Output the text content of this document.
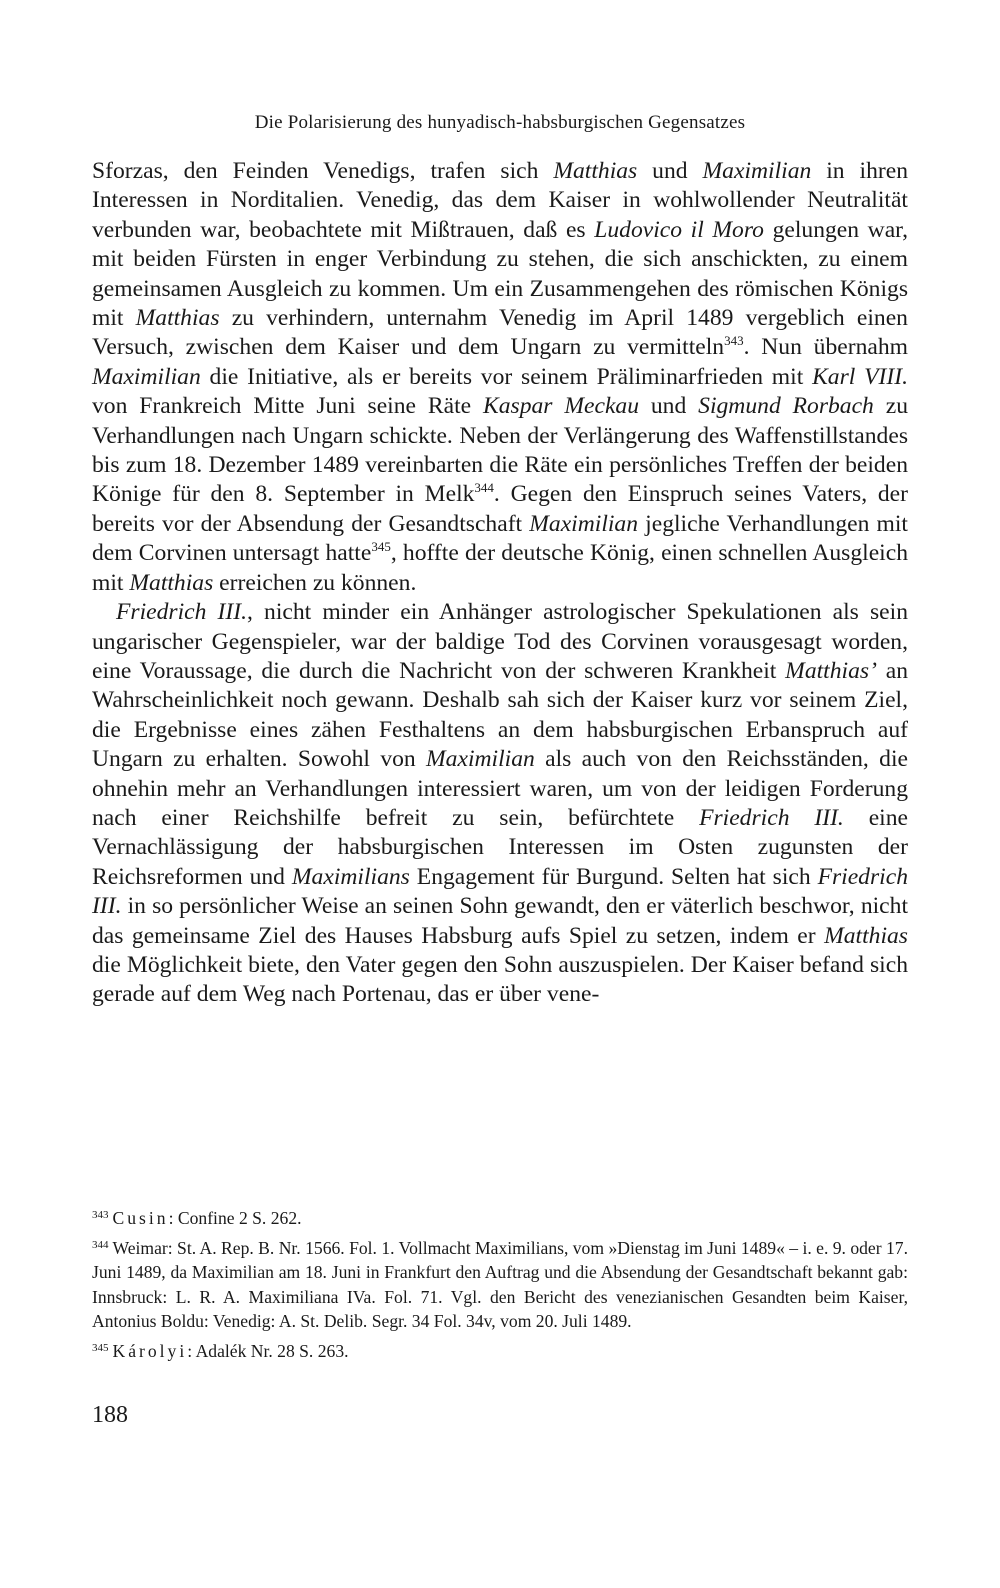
Die Polarisierung des hunyadisch-habsburgischen Gegensatzes

Sforzas, den Feinden Venedigs, trafen sich Matthias und Maximilian in ihren Interessen in Norditalien. Venedig, das dem Kaiser in wohlwollender Neutralität verbunden war, beobachtete mit Mißtrauen, daß es Ludovico il Moro gelungen war, mit beiden Fürsten in enger Verbindung zu stehen, die sich anschickten, zu einem gemeinsamen Ausgleich zu kommen. Um ein Zusammengehen des römischen Königs mit Matthias zu verhindern, unternahm Venedig im April 1489 vergeblich einen Versuch, zwischen dem Kaiser und dem Ungarn zu vermitteln$^{343}$. Nun übernahm Maximilian die Initiative, als er bereits vor seinem Präliminarfrieden mit Karl VIII. von Frankreich Mitte Juni seine Räte Kaspar Meckau und Sigmund Rorbach zu Verhandlungen nach Ungarn schickte. Neben der Verlängerung des Waffenstillstandes bis zum 18. Dezember 1489 vereinbarten die Räte ein persönliches Treffen der beiden Könige für den 8. September in Melk$^{344}$. Gegen den Einspruch seines Vaters, der bereits vor der Absendung der Gesandtschaft Maximilian jegliche Verhandlungen mit dem Corvinen untersagt hatte$^{345}$, hoffte der deutsche König, einen schnellen Ausgleich mit Matthias erreichen zu können.

Friedrich III., nicht minder ein Anhänger astrologischer Spekulationen als sein ungarischer Gegenspieler, war der baldige Tod des Corvinen vorausgesagt worden, eine Voraussage, die durch die Nachricht von der schweren Krankheit Matthias’ an Wahrscheinlichkeit noch gewann. Deshalb sah sich der Kaiser kurz vor seinem Ziel, die Ergebnisse eines zähen Festhaltens an dem habsburgischen Erbanspruch auf Ungarn zu erhalten. Sowohl von Maximilian als auch von den Reichsständen, die ohnehin mehr an Verhandlungen interessiert waren, um von der leidigen Forderung nach einer Reichshilfe befreit zu sein, befürchtete Friedrich III. eine Vernachlässigung der habsburgischen Interessen im Osten zugunsten der Reichsreformen und Maximilians Engagement für Burgund. Selten hat sich Friedrich III. in so persönlicher Weise an seinen Sohn gewandt, den er väterlich beschwor, nicht das gemeinsame Ziel des Hauses Habsburg aufs Spiel zu setzen, indem er Matthias die Möglichkeit biete, den Vater gegen den Sohn auszuspielen. Der Kaiser befand sich gerade auf dem Weg nach Portenau, das er über vene-

$^{343}$ Cusin: Confine 2 S. 262.

$^{344}$ Weimar: St. A. Rep. B. Nr. 1566. Fol. 1. Vollmacht Maximilians, vom »Dienstag im Juni 1489« – i. e. 9. oder 17. Juni 1489, da Maximilian am 18. Juni in Frankfurt den Auftrag und die Absendung der Gesandtschaft bekannt gab: Innsbruck: L. R. A. Maximiliana IVa. Fol. 71. Vgl. den Bericht des venezianischen Gesandten beim Kaiser, Antonius Boldu: Venedig: A. St. Delib. Segr. 34 Fol. 34v, vom 20. Juli 1489.

$^{345}$ Károlyi: Adalék Nr. 28 S. 263.

188
